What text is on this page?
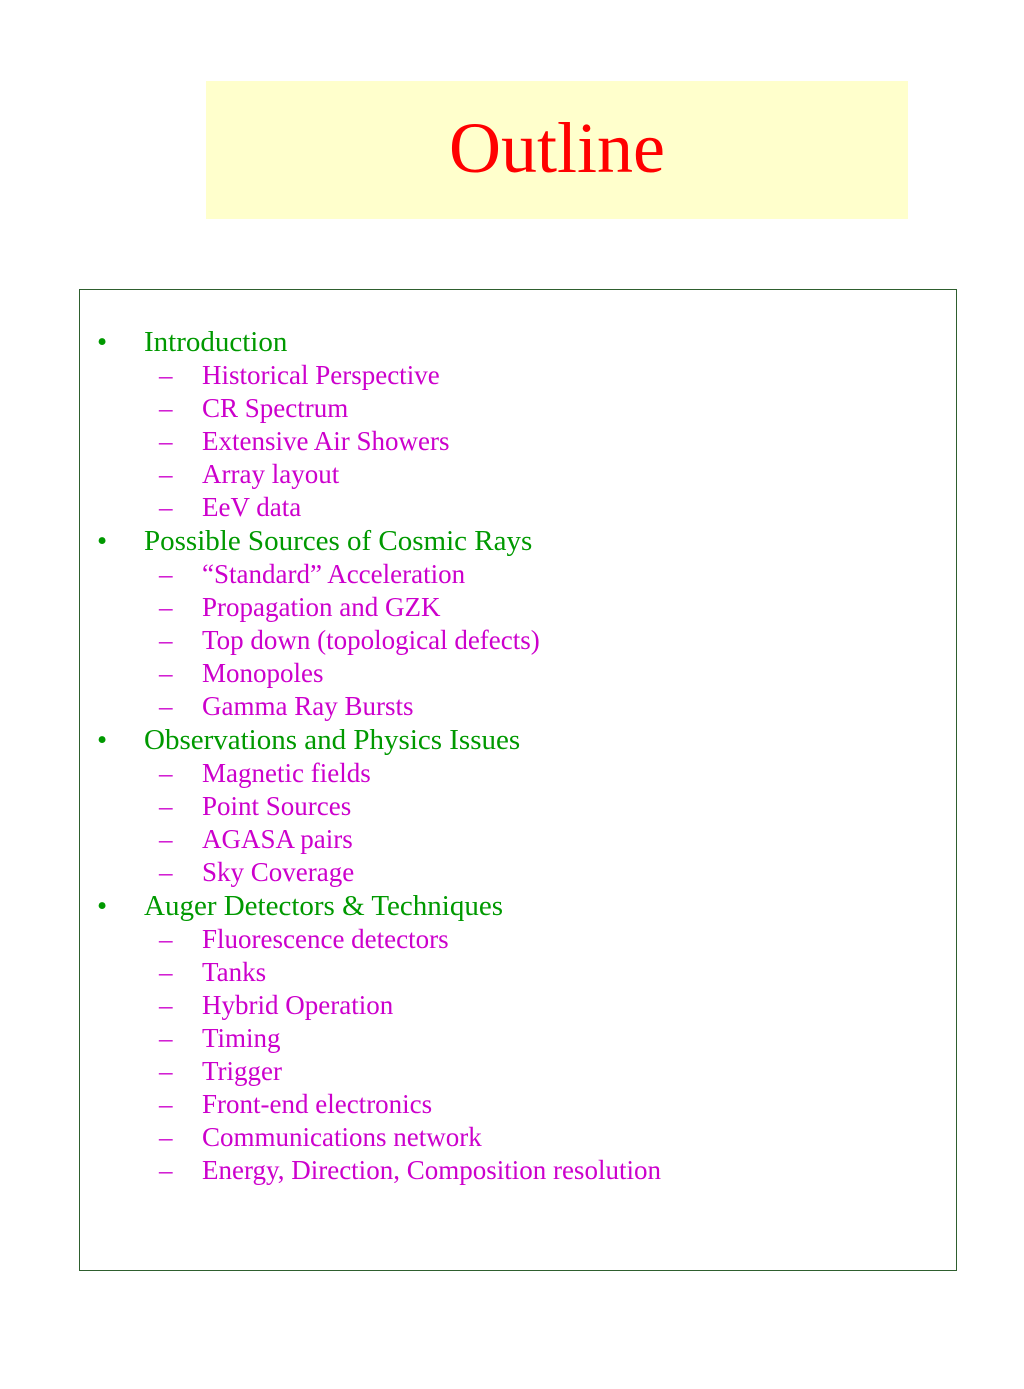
Outline
• Introduction
– Historical Perspective
– CR Spectrum
– Extensive Air Showers
– Array layout
– EeV data
• Possible Sources of Cosmic Rays
– “Standard” Acceleration
– Propagation and GZK
– Top down (topological defects)
– Monopoles
– Gamma Ray Bursts
• Observations and Physics Issues
– Magnetic fields
– Point Sources
– AGASA pairs
– Sky Coverage
• Auger Detectors & Techniques
– Fluorescence detectors
– Tanks
– Hybrid Operation
– Timing
– Trigger
– Front-end electronics
– Communications network
– Energy, Direction, Composition resolution
